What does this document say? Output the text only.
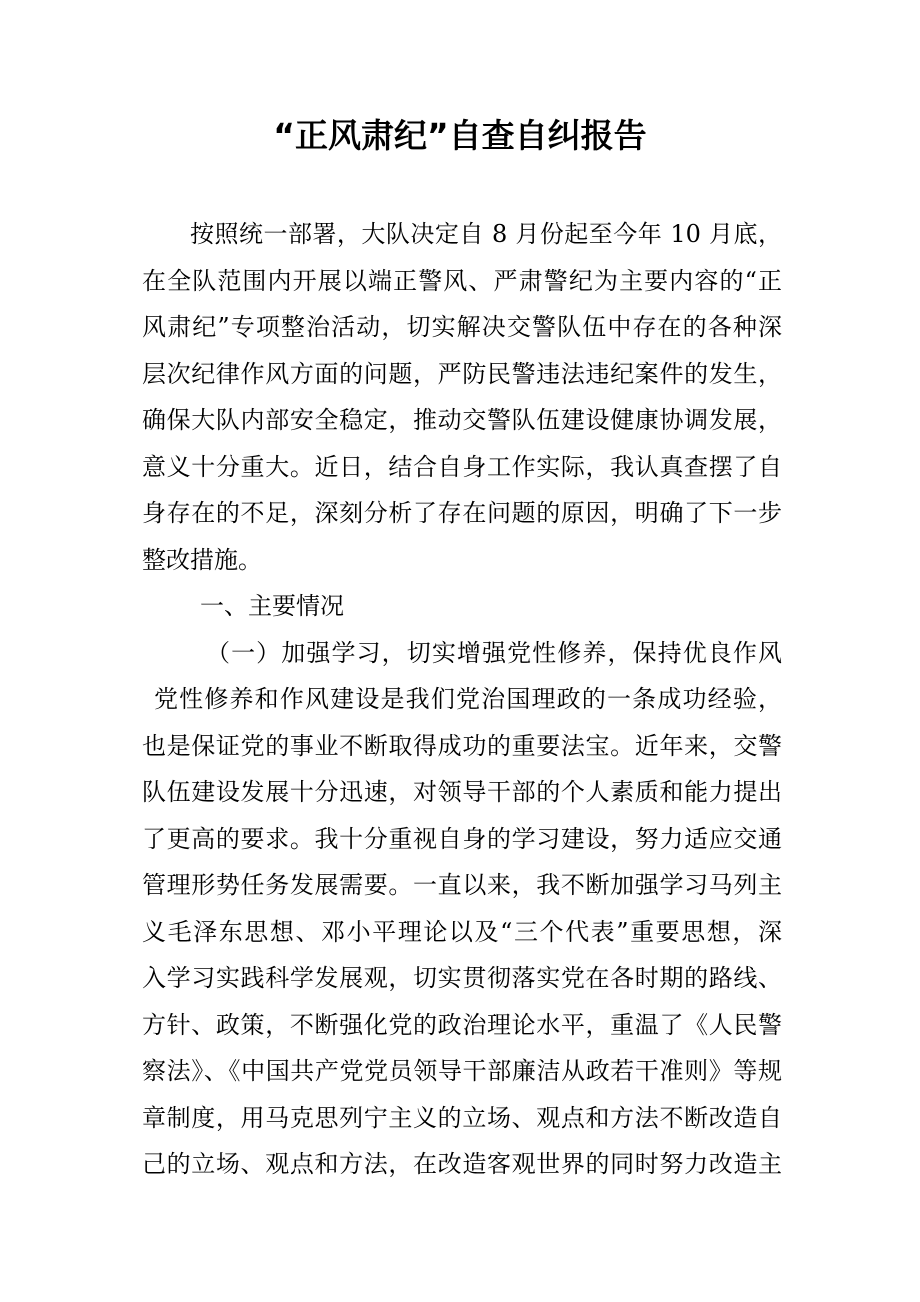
“正风肃纪”自查自纠报告
按照统一部署，大队决定自 8 月份起至今年 10 月底，
在全队范围内开展以端正警风、严肃警纪为主要内容的“正
风肃纪”专项整治活动，切实解决交警队伍中存在的各种深
层次纪律作风方面的问题，严防民警违法违纪案件的发生，
确保大队内部安全稳定，推动交警队伍建设健康协调发展，
意义十分重大。近日，结合自身工作实际，我认真查摆了自
身存在的不足，深刻分析了存在问题的原因，明确了下一步
整改措施。
一、主要情况
（一）加强学习，切实增强党性修养，保持优良作风
党性修养和作风建设是我们党治国理政的一条成功经验，
也是保证党的事业不断取得成功的重要法宝。近年来，交警
队伍建设发展十分迅速，对领导干部的个人素质和能力提出
了更高的要求。我十分重视自身的学习建设，努力适应交通
管理形势任务发展需要。一直以来，我不断加强学习马列主
义毛泽东思想、邓小平理论以及“三个代表”重要思想，深
入学习实践科学发展观，切实贯彻落实党在各时期的路线、
方针、政策，不断强化党的政治理论水平，重温了《人民警
察法》、《中国共产党党员领导干部廉洁从政若干准则》等规
章制度，用马克思列宁主义的立场、观点和方法不断改造自
己的立场、观点和方法，在改造客观世界的同时努力改造主
